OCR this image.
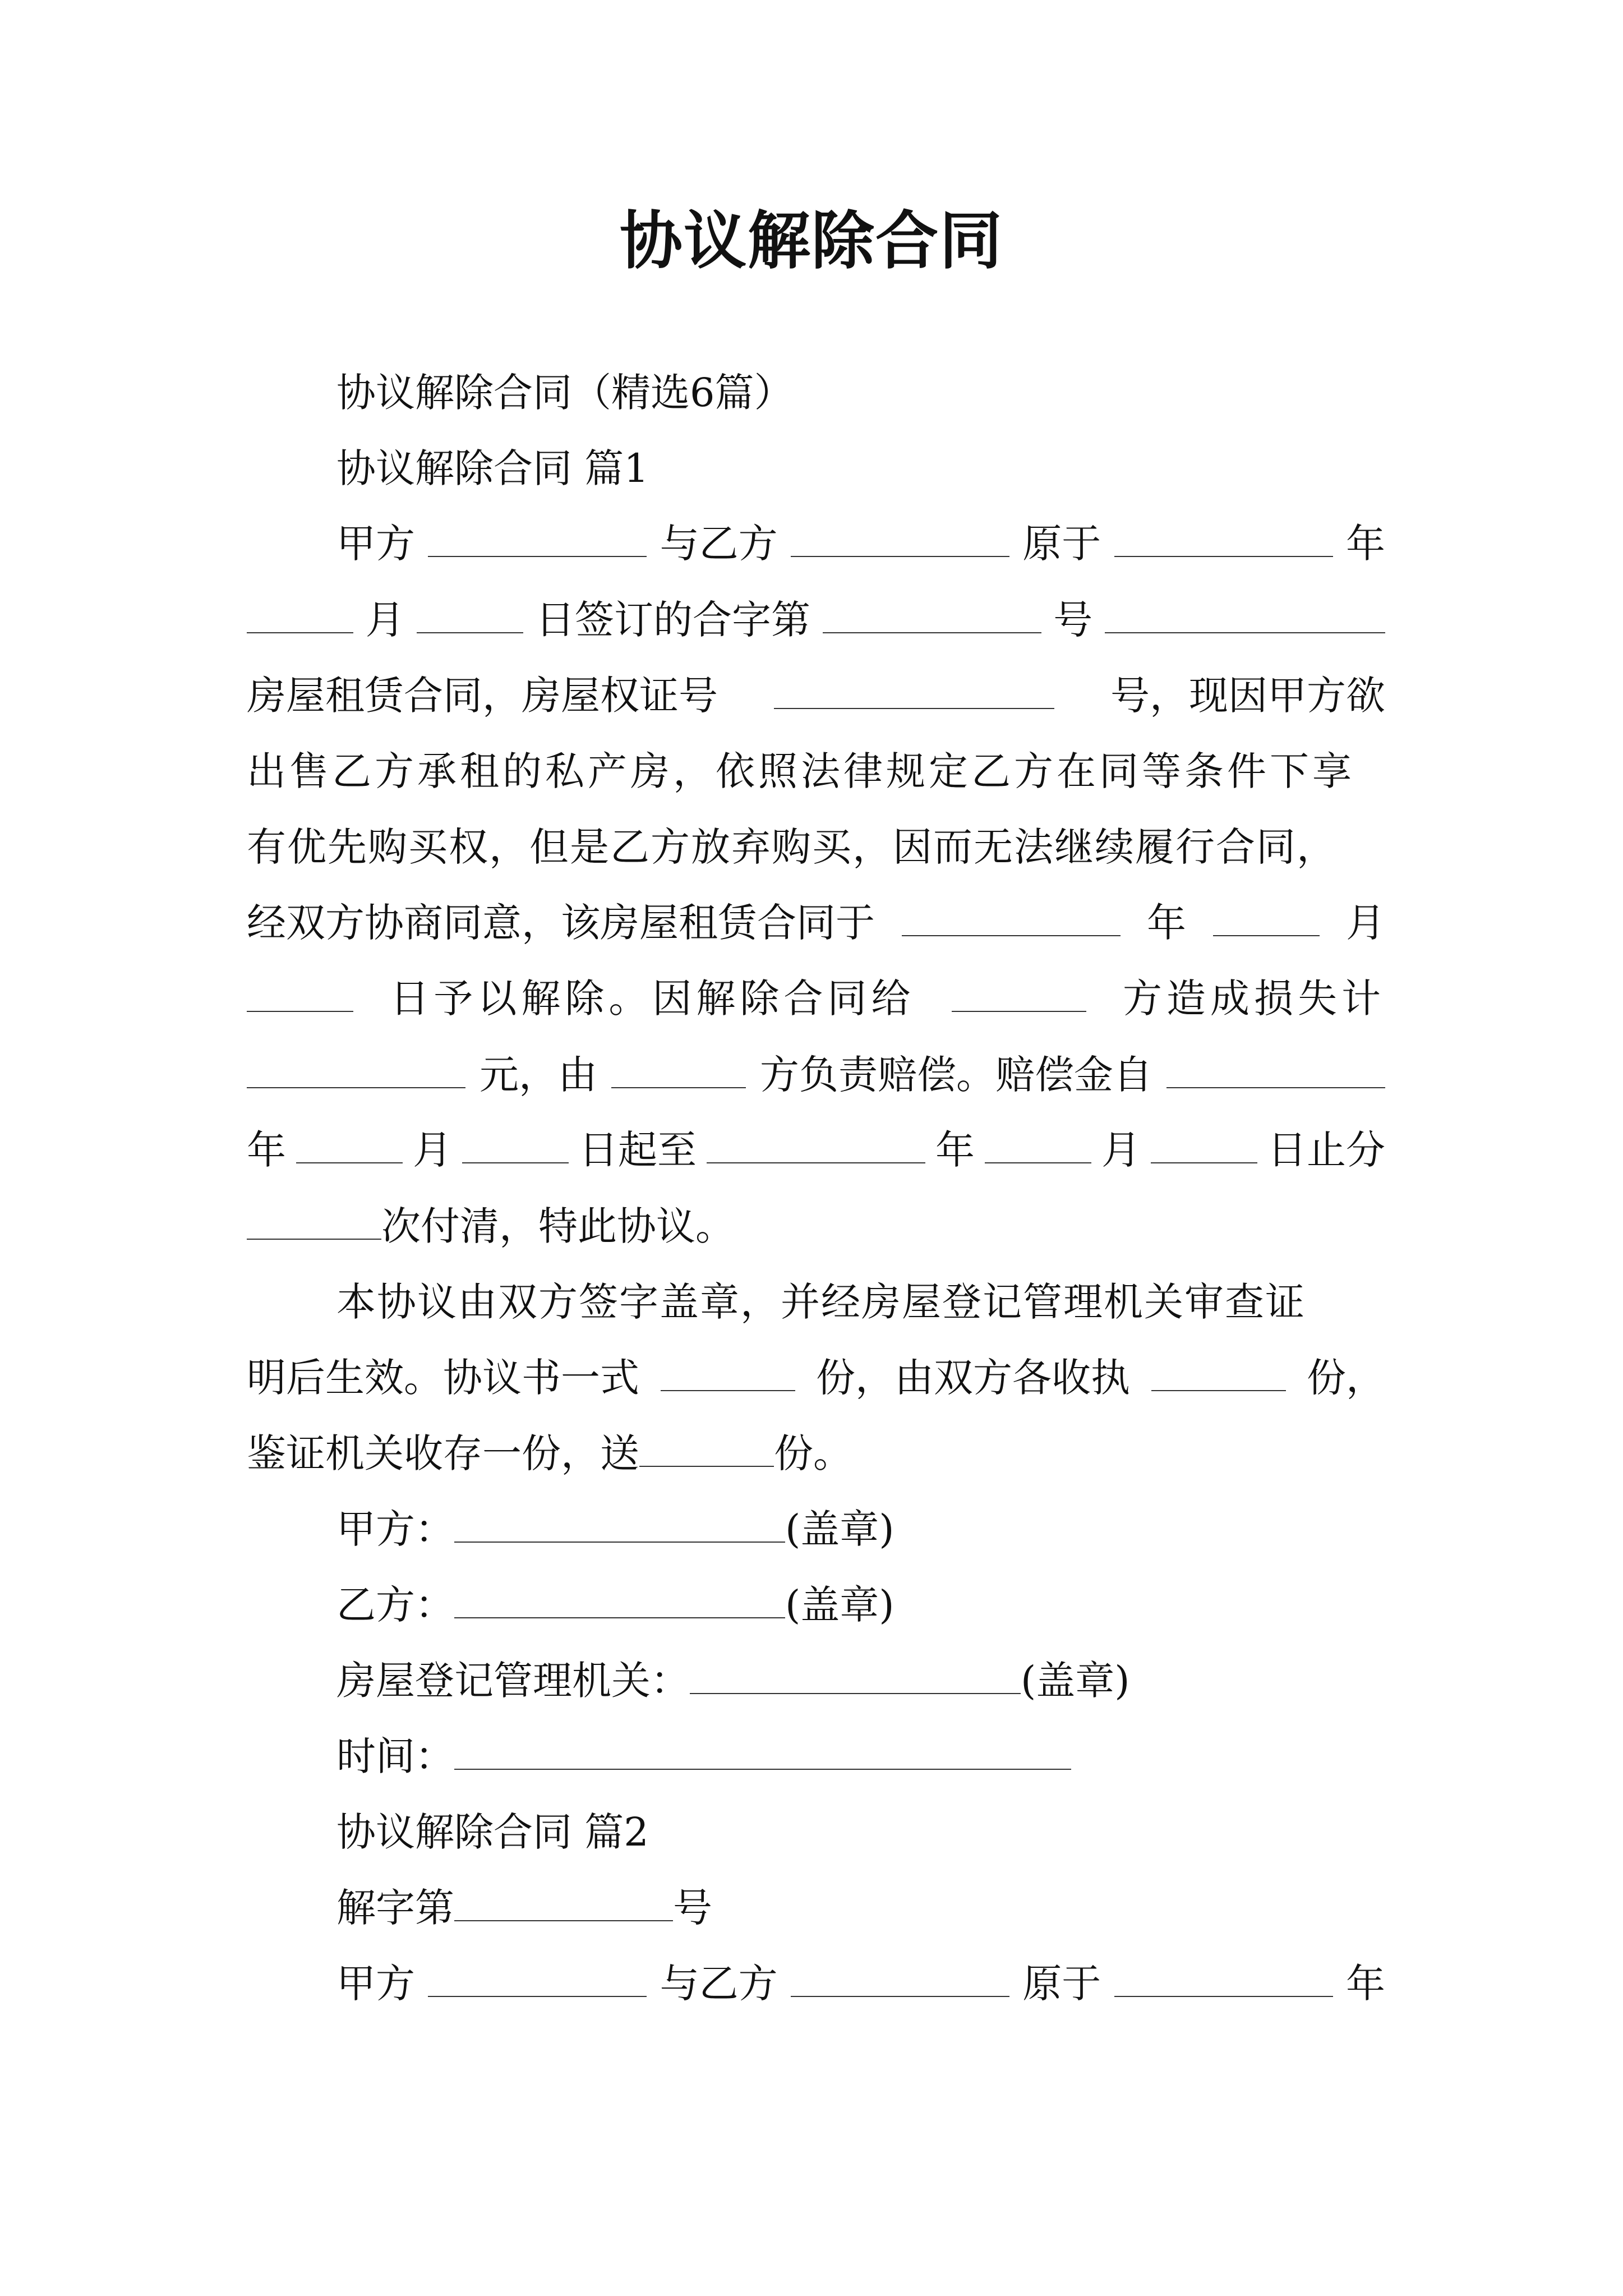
协议解除合同
协议解除合同（精选6篇）
协议解除合同 篇1
甲方	与乙方	原于	年
月	日签订的合字第	号
房屋租赁合同，房屋权证号	号，现因甲方欲
出售乙方承租的私产房，依照法律规定乙方在同等条件下享
有优先购买权，但是乙方放弃购买，因而无法继续履行合同，
经双方协商同意，该房屋租赁合同于	年	月
日予以解除。因解除合同给	方造成损失计
元，由	方负责赔偿。赔偿金自
年	月	日起至	年	月	日止分
次付清，特此协议。
本协议由双方签字盖章，并经房屋登记管理机关审查证
明后生效。协议书一式	份，由双方各收执	份，
鉴证机关收存一份，送	份。
甲方：	(盖章)
乙方：	(盖章)
房屋登记管理机关：	(盖章)
时间：
协议解除合同 篇2
解字第	号
甲方	与乙方	原于	年
